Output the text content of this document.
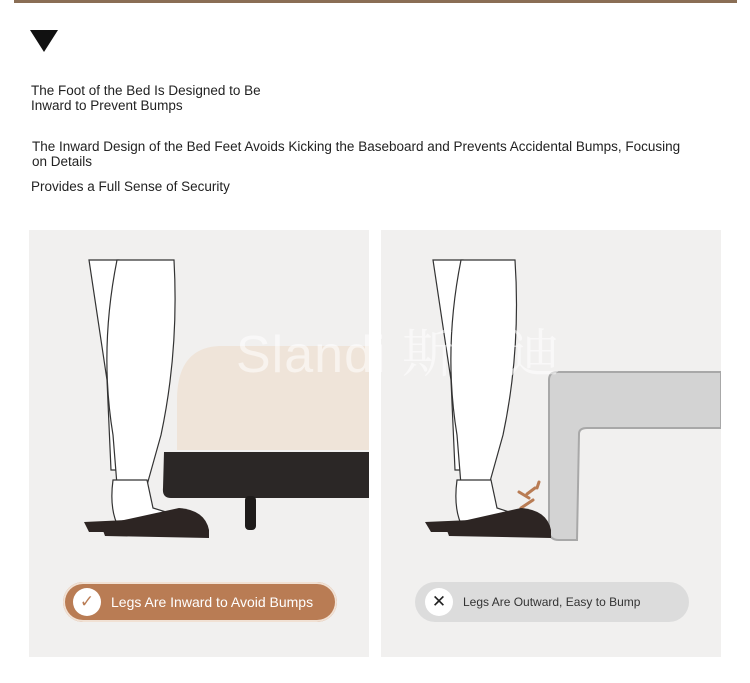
The Foot of the Bed Is Designed to Be Inward to Prevent Bumps

The Inward Design of the Bed Feet Avoids Kicking the Baseboard and Prevents Accidental Bumps, Focusing on Details

Provides a Full Sense of Security

✓	Legs Are Inward to Avoid Bumps	✕	Legs Are Outward, Easy to Bump
Slandi 斯澜迪
